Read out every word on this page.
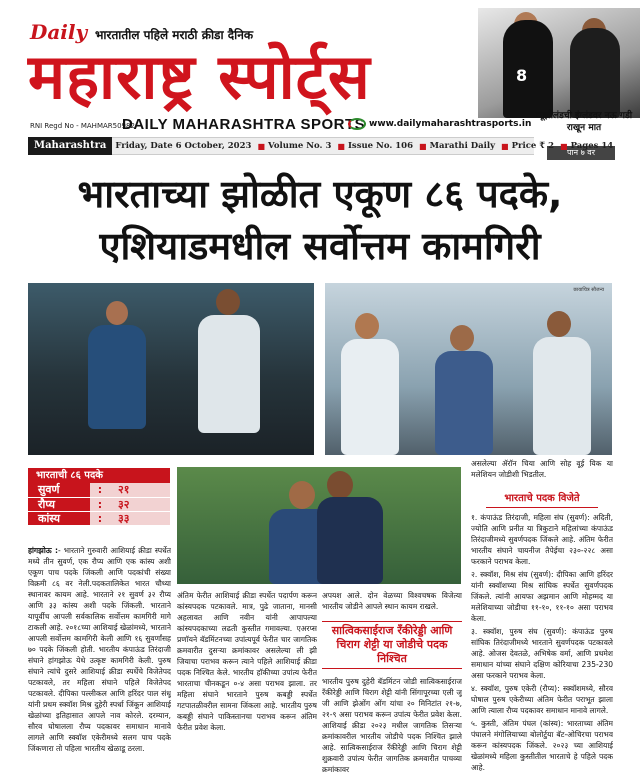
Daily भारतातील पहिले मराठी क्रीडा दैनिक
महाराष्ट्र स्पोर्ट्स
RNI Regd No - MAHMAR50982
DAILY MAHARASHTRA SPORTS www.dailymaharashtrasports.in
8
न्यूझीलंडची इंग्लंडवर नऊ गडी राखून मात
पान ७ वर
Maharashtra	Friday, Date 6 October, 2023 ■ Volume No. 3 ■ Issue No. 106 ■ Marathi Daily ■ Price ₹ 2 ■ Pages 14
भारताच्या झोळीत एकूण ८६ पदके,
एशियाडमधील सर्वोत्तम कामगिरी
छायाचित्र सौजन्य
भारताची ८६ पदके
सुवर्ण	:	२१
रौप्य	:	३२
कांस्य	:	३३

हांगझोऊ :- भारताने गुरुवारी आशियाई क्रीडा स्पर्धेत मध्ये तीन सुवर्ण, एक रौप्य आणि एक कांस्य अशी एकूण पाच पदके जिंकली आणि पदकांची संख्या विक्रमी ८६ वर नेली.पदकतालिकेत भारत चौथ्या स्थानावर कायम आहे. भारताने २१ सुवर्ण ३२ रौप्य आणि ३३ कांस्य अशी पदके जिंकली. भारताने यापूर्वीच आपली सर्वकालिक सर्वोत्तम कामगिरी मागे टाकली आहे. २०१८च्या आशियाई खेळांमध्ये, भारताने आपली सर्वोत्तम कामगिरी केली आणि १६ सुवर्णांसह ७० पदके जिंकली होती. भारतीय कंपाऊंड तिरंदाजी संघाने हांगझोऊ येथे उत्कृष्ट कामगिरी केली. पुरुष संघाने त्यांचे दुसरे आशियाई क्रीडा स्पर्धेचे विजेतेपद पटकावले, तर महिला संघाने पहिले विजेतेपद पटकावले. दीपिका पल्लीकल आणि हरिंदर पाल संधू यांनी प्रथम स्क्वॉश मिश्र दुहेरी स्पर्धा जिंकून आशियाई खेळांच्या इतिहासात आपले नाव कोरले. दरम्यान, सौरव घोषालला रौप्य पदकावर समाधान मानावे लागले आणि स्क्वॉश एकेरीमध्ये सलग पाच पदके जिंकणारा तो पहिला भारतीय खेळाडू ठरला.

अंतिम फेरीत आशियाई क्रीडा स्पर्धेत पदार्पण करून कांस्यपदक पटकावले. मात्र, पुढे जाताना, मानसी अहलावत आणि नवीन यांनी आपापल्या कांस्यपदकाच्या लढती कुस्तीत गमावल्या. एअरप्स प्रणॉयने बॅडमिंटनच्या उपांत्यपूर्व फेरीत चार जागतिक क्रमवारीत दुसऱ्या क्रमांकावर असलेल्या ली झी जियाचा पराभव करून त्याने पहिले आशियाई क्रीडा पदक निश्चित केले. भारतीय हॉकीच्या उपांत्य फेरीत भारताचा चीनकडून ०-४ असा पराभव झाला. तर महिला संघाने भारताने पुरुष कबड्डी स्पर्धेत गटपातळीवरील सामना जिंकला आहे. भारतीय पुरुष कबड्डी संघाने पाकिस्तानचा पराभव करून अंतिम फेरीत प्रवेश केला.

अपयश आले. दोन वेळच्या विश्वचषक विजेत्या भारतीय जोडीने आपले स्थान कायम राखले.

सात्विकसाईराज रँकीरेड्डी आणि चिराग शेट्टी या जोडीचे पदक निश्चित

भारतीय पुरुष दुहेरी बॅडमिंटन जोडी सात्विकसाईराज रँकीरेड्डी आणि चिराग शेट्टी यांनी सिंगापूरच्या एली जू जी आणि झेओंग ओंग यांचा २० मिनिटांत २१-७, २१-९ असा पराभव करून उपांत्य फेरीत प्रवेश केला. आशियाई क्रीडा २०२३ मधील जागतिक तिसऱ्या क्रमांकावरील भारतीय जोडीचे पदक निश्चित झाले आहे. सात्विकसाईराज रँकीरेड्डी आणि चिराग शेट्टी शुक्रवारी उपांत्य फेरीत जागतिक क्रमवारीत पाचव्या क्रमांकावर

असलेल्या ॲरॉन चिया आणि सोह वूई यिक या मलेशियन जोडीशी भिडतील.

भारताचे पदक विजेते
१. कंपाऊंड तिरंदाजी, महिला संघ (सुवर्ण): अदिती, ज्योति आणि प्रनीत या त्रिकुटाने महिलांच्या कंपाऊंड तिरंदाजीमध्ये सुवर्णपदक जिंकले आहे. अंतिम फेरीत भारतीय संघाने चायनीज तैपेईचा २३०-२२८ असा फरकाने पराभव केला.
२. स्क्वॉश, मिश्र संघ (सुवर्ण): दीपिका आणि हरिंदर यांनी स्क्वॉशच्या मिश्र सांघिक स्पर्धेत सुवर्णपदक जिंकले. त्यांनी आयफा अझमान आणि मोहम्मद या मलेशियाच्या जोडीचा ११-१०, ११-१० असा पराभव केला.
३. स्क्वॉश, पुरुष संघ (सुवर्ण): कंपाऊंड पुरुष सांघिक तिरंदाजीमध्ये भारताने सुवर्णपदक पटकावले आहे. ओजस देवतळे, अभिषेक वर्मा, आणि प्रथमेश समाधान यांच्या संघाने दक्षिण कोरियाचा 235-230 असा फरकाने पराभव केला.
४. स्क्वॉश, पुरुष एकेरी (रौप्य): स्क्वॉशमध्ये, सौरव घोषाल पुरुष एकेरीच्या अंतिम फेरीत पराभूत झाला आणि त्याला रौप्य पदकावर समाधान मानावे लागले.
५. कुस्ती, अंतिम पंघल (कांस्य): भारताच्या अंतिम पंघालने मंगोलियाच्या बोलोर्टुया बॅट-ओचिरचा पराभव करून कांस्यपदक जिंकले. २०२३ च्या आशियाई खेळांमध्ये महिला कुस्तीतील भारताचे हे पहिले पदक आहे.
